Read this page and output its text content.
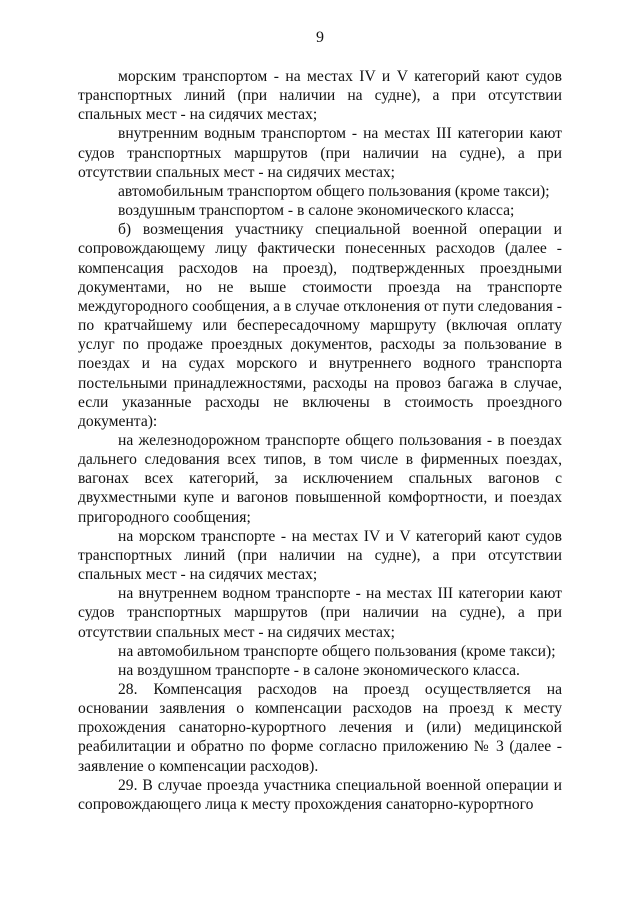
9

морским транспортом - на местах IV и V категорий кают судов транспортных линий (при наличии на судне), а при отсутствии спальных мест - на сидячих местах;

внутренним водным транспортом - на местах III категории кают судов транспортных маршрутов (при наличии на судне), а при отсутствии спальных мест - на сидячих местах;

автомобильным транспортом общего пользования (кроме такси);

воздушным транспортом - в салоне экономического класса;

б) возмещения участнику специальной военной операции и сопровождающему лицу фактически понесенных расходов (далее - компенсация расходов на проезд), подтвержденных проездными документами, но не выше стоимости проезда на транспорте междугородного сообщения, а в случае отклонения от пути следования - по кратчайшему или беспересадочному маршруту (включая оплату услуг по продаже проездных документов, расходы за пользование в поездах и на судах морского и внутреннего водного транспорта постельными принадлежностями, расходы на провоз багажа в случае, если указанные расходы не включены в стоимость проездного документа):

на железнодорожном транспорте общего пользования - в поездах дальнего следования всех типов, в том числе в фирменных поездах, вагонах всех категорий, за исключением спальных вагонов с двухместными купе и вагонов повышенной комфортности, и поездах пригородного сообщения;

на морском транспорте - на местах IV и V категорий кают судов транспортных линий (при наличии на судне), а при отсутствии спальных мест - на сидячих местах;

на внутреннем водном транспорте - на местах III категории кают судов транспортных маршрутов (при наличии на судне), а при отсутствии спальных мест - на сидячих местах;

на автомобильном транспорте общего пользования (кроме такси);

на воздушном транспорте - в салоне экономического класса.

28. Компенсация расходов на проезд осуществляется на основании заявления о компенсации расходов на проезд к месту прохождения санаторно-курортного лечения и (или) медицинской реабилитации и обратно по форме согласно приложению № 3 (далее - заявление о компенсации расходов).

29. В случае проезда участника специальной военной операции и сопровождающего лица к месту прохождения санаторно-курортного
